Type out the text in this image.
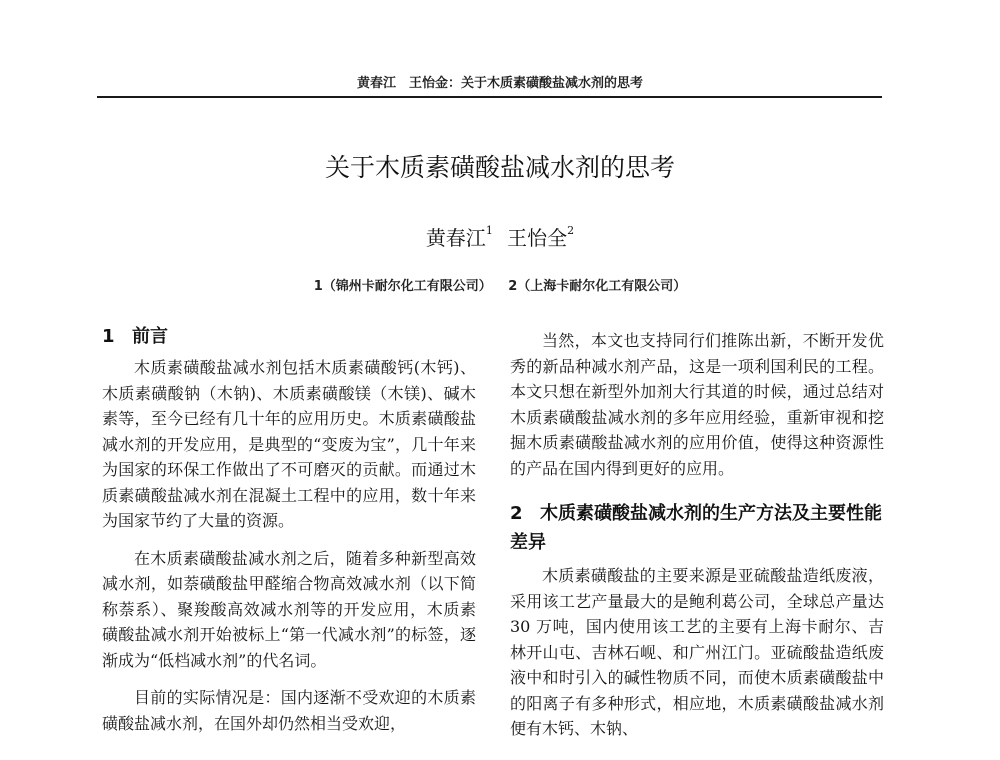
黄春江　王怡金：关于木质素磺酸盐减水剂的思考
关于木质素磺酸盐减水剂的思考
黄春江$^1$ 王怡全$^2$
1（锦州卡耐尔化工有限公司） 2（上海卡耐尔化工有限公司）
1 前言

木质素磺酸盐减水剂包括木质素磺酸钙(木钙)、木质素磺酸钠（木钠)、木质素磺酸镁（木镁)、碱木素等，至今已经有几十年的应用历史。木质素磺酸盐减水剂的开发应用，是典型的“变废为宝”，几十年来为国家的环保工作做出了不可磨灭的贡献。而通过木质素磺酸盐减水剂在混凝土工程中的应用，数十年来为国家节约了大量的资源。

在木质素磺酸盐减水剂之后，随着多种新型高效减水剂，如萘磺酸盐甲醛缩合物高效减水剂（以下简称萘系）、聚羧酸高效减水剂等的开发应用，木质素磺酸盐减水剂开始被标上“第一代减水剂”的标签，逐渐成为“低档减水剂”的代名词。

目前的实际情况是：国内逐渐不受欢迎的木质素磺酸盐减水剂，在国外却仍然相当受欢迎，

当然，本文也支持同行们推陈出新，不断开发优秀的新品种减水剂产品，这是一项利国利民的工程。本文只想在新型外加剂大行其道的时候，通过总结对木质素磺酸盐减水剂的多年应用经验，重新审视和挖掘木质素磺酸盐减水剂的应用价值，使得这种资源性的产品在国内得到更好的应用。

2 木质素磺酸盐减水剂的生产方法及主要性能差异

木质素磺酸盐的主要来源是亚硫酸盐造纸废液，采用该工艺产量最大的是鲍利葛公司，全球总产量达 30 万吨，国内使用该工艺的主要有上海卡耐尔、吉林开山屯、吉林石岘、和广州江门。亚硫酸盐造纸废液中和时引入的碱性物质不同，而使木质素磺酸盐中的阳离子有多种形式，相应地，木质素磺酸盐减水剂便有木钙、木钠、
